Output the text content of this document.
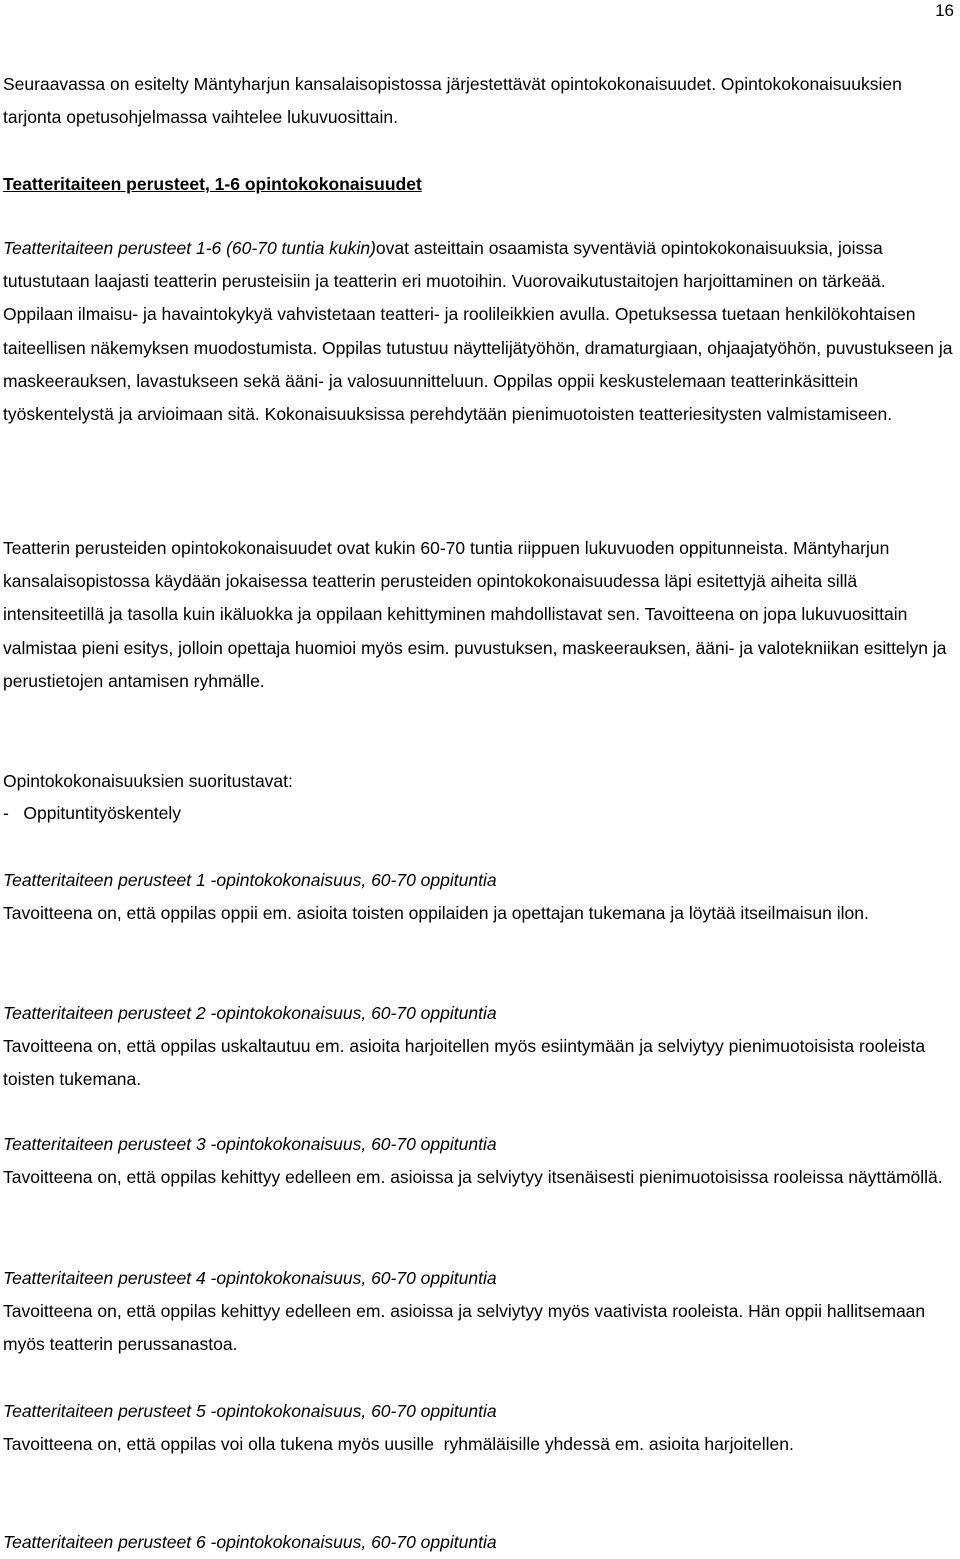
16

Seuraavassa on esitelty Mäntyharjun kansalaisopistossa järjestettävät opintokokonaisuudet. Opintokokonaisuuksien tarjonta opetusohjelmassa vaihtelee lukuvuosittain.

Teatteritaiteen perusteet, 1-6 opintokokonaisuudet

Teatteritaiteen perusteet 1-6 (60-70 tuntia kukin)ovat asteittain osaamista syventäviä opintokokonaisuuksia, joissa tutustutaan laajasti teatterin perusteisiin ja teatterin eri muotoihin. Vuorovaikutustaitojen harjoittaminen on tärkeää. Oppilaan ilmaisu- ja havaintokykyä vahvistetaan teatteri- ja roolileikkien avulla. Opetuksessa tuetaan henkilökohtaisen taiteellisen näkemyksen muodostumista. Oppilas tutustuu näyttelijätyöhön, dramaturgiaan, ohjaajatyöhön, puvustukseen ja maskeerauksen, lavastukseen sekä ääni- ja valosuunnitteluun. Oppilas oppii keskustelemaan teatterinkäsittein työskentelystä ja arvioimaan sitä. Kokonaisuuksissa perehdytään pienimuotoisten teatteriesitysten valmistamiseen.

Teatterin perusteiden opintokokonaisuudet ovat kukin 60-70 tuntia riippuen lukuvuoden oppitunneista. Mäntyharjun kansalaisopistossa käydään jokaisessa teatterin perusteiden opintokokonaisuudessa läpi esitettyjä aiheita sillä intensiteetillä ja tasolla kuin ikäluokka ja oppilaan kehittyminen mahdollistavat sen. Tavoitteena on jopa lukuvuosittain valmistaa pieni esitys, jolloin opettaja huomioi myös esim. puvustuksen, maskeerauksen, ääni- ja valotekniikan esittelyn ja perustietojen antamisen ryhmälle.

Opintokokonaisuuksien suoritustavat:

-   Oppituntityöskentely

Teatteritaiteen perusteet 1 -opintokokonaisuus, 60-70 oppituntia

Tavoitteena on, että oppilas oppii em. asioita toisten oppilaiden ja opettajan tukemana ja löytää itseilmaisun ilon.

Teatteritaiteen perusteet 2 -opintokokonaisuus, 60-70 oppituntia

Tavoitteena on, että oppilas uskaltautuu em. asioita harjoitellen myös esiintymään ja selviytyy pienimuotoisista rooleista toisten tukemana.

Teatteritaiteen perusteet 3 -opintokokonaisuus, 60-70 oppituntia

Tavoitteena on, että oppilas kehittyy edelleen em. asioissa ja selviytyy itsenäisesti pienimuotoisissa rooleissa näyttämöllä.

Teatteritaiteen perusteet 4 -opintokokonaisuus, 60-70 oppituntia

Tavoitteena on, että oppilas kehittyy edelleen em. asioissa ja selviytyy myös vaativista rooleista. Hän oppii hallitsemaan myös teatterin perussanastoa.

Teatteritaiteen perusteet 5 -opintokokonaisuus, 60-70 oppituntia

Tavoitteena on, että oppilas voi olla tukena myös uusille  ryhmäläisille yhdessä em. asioita harjoitellen.

Teatteritaiteen perusteet 6 -opintokokonaisuus, 60-70 oppituntia
